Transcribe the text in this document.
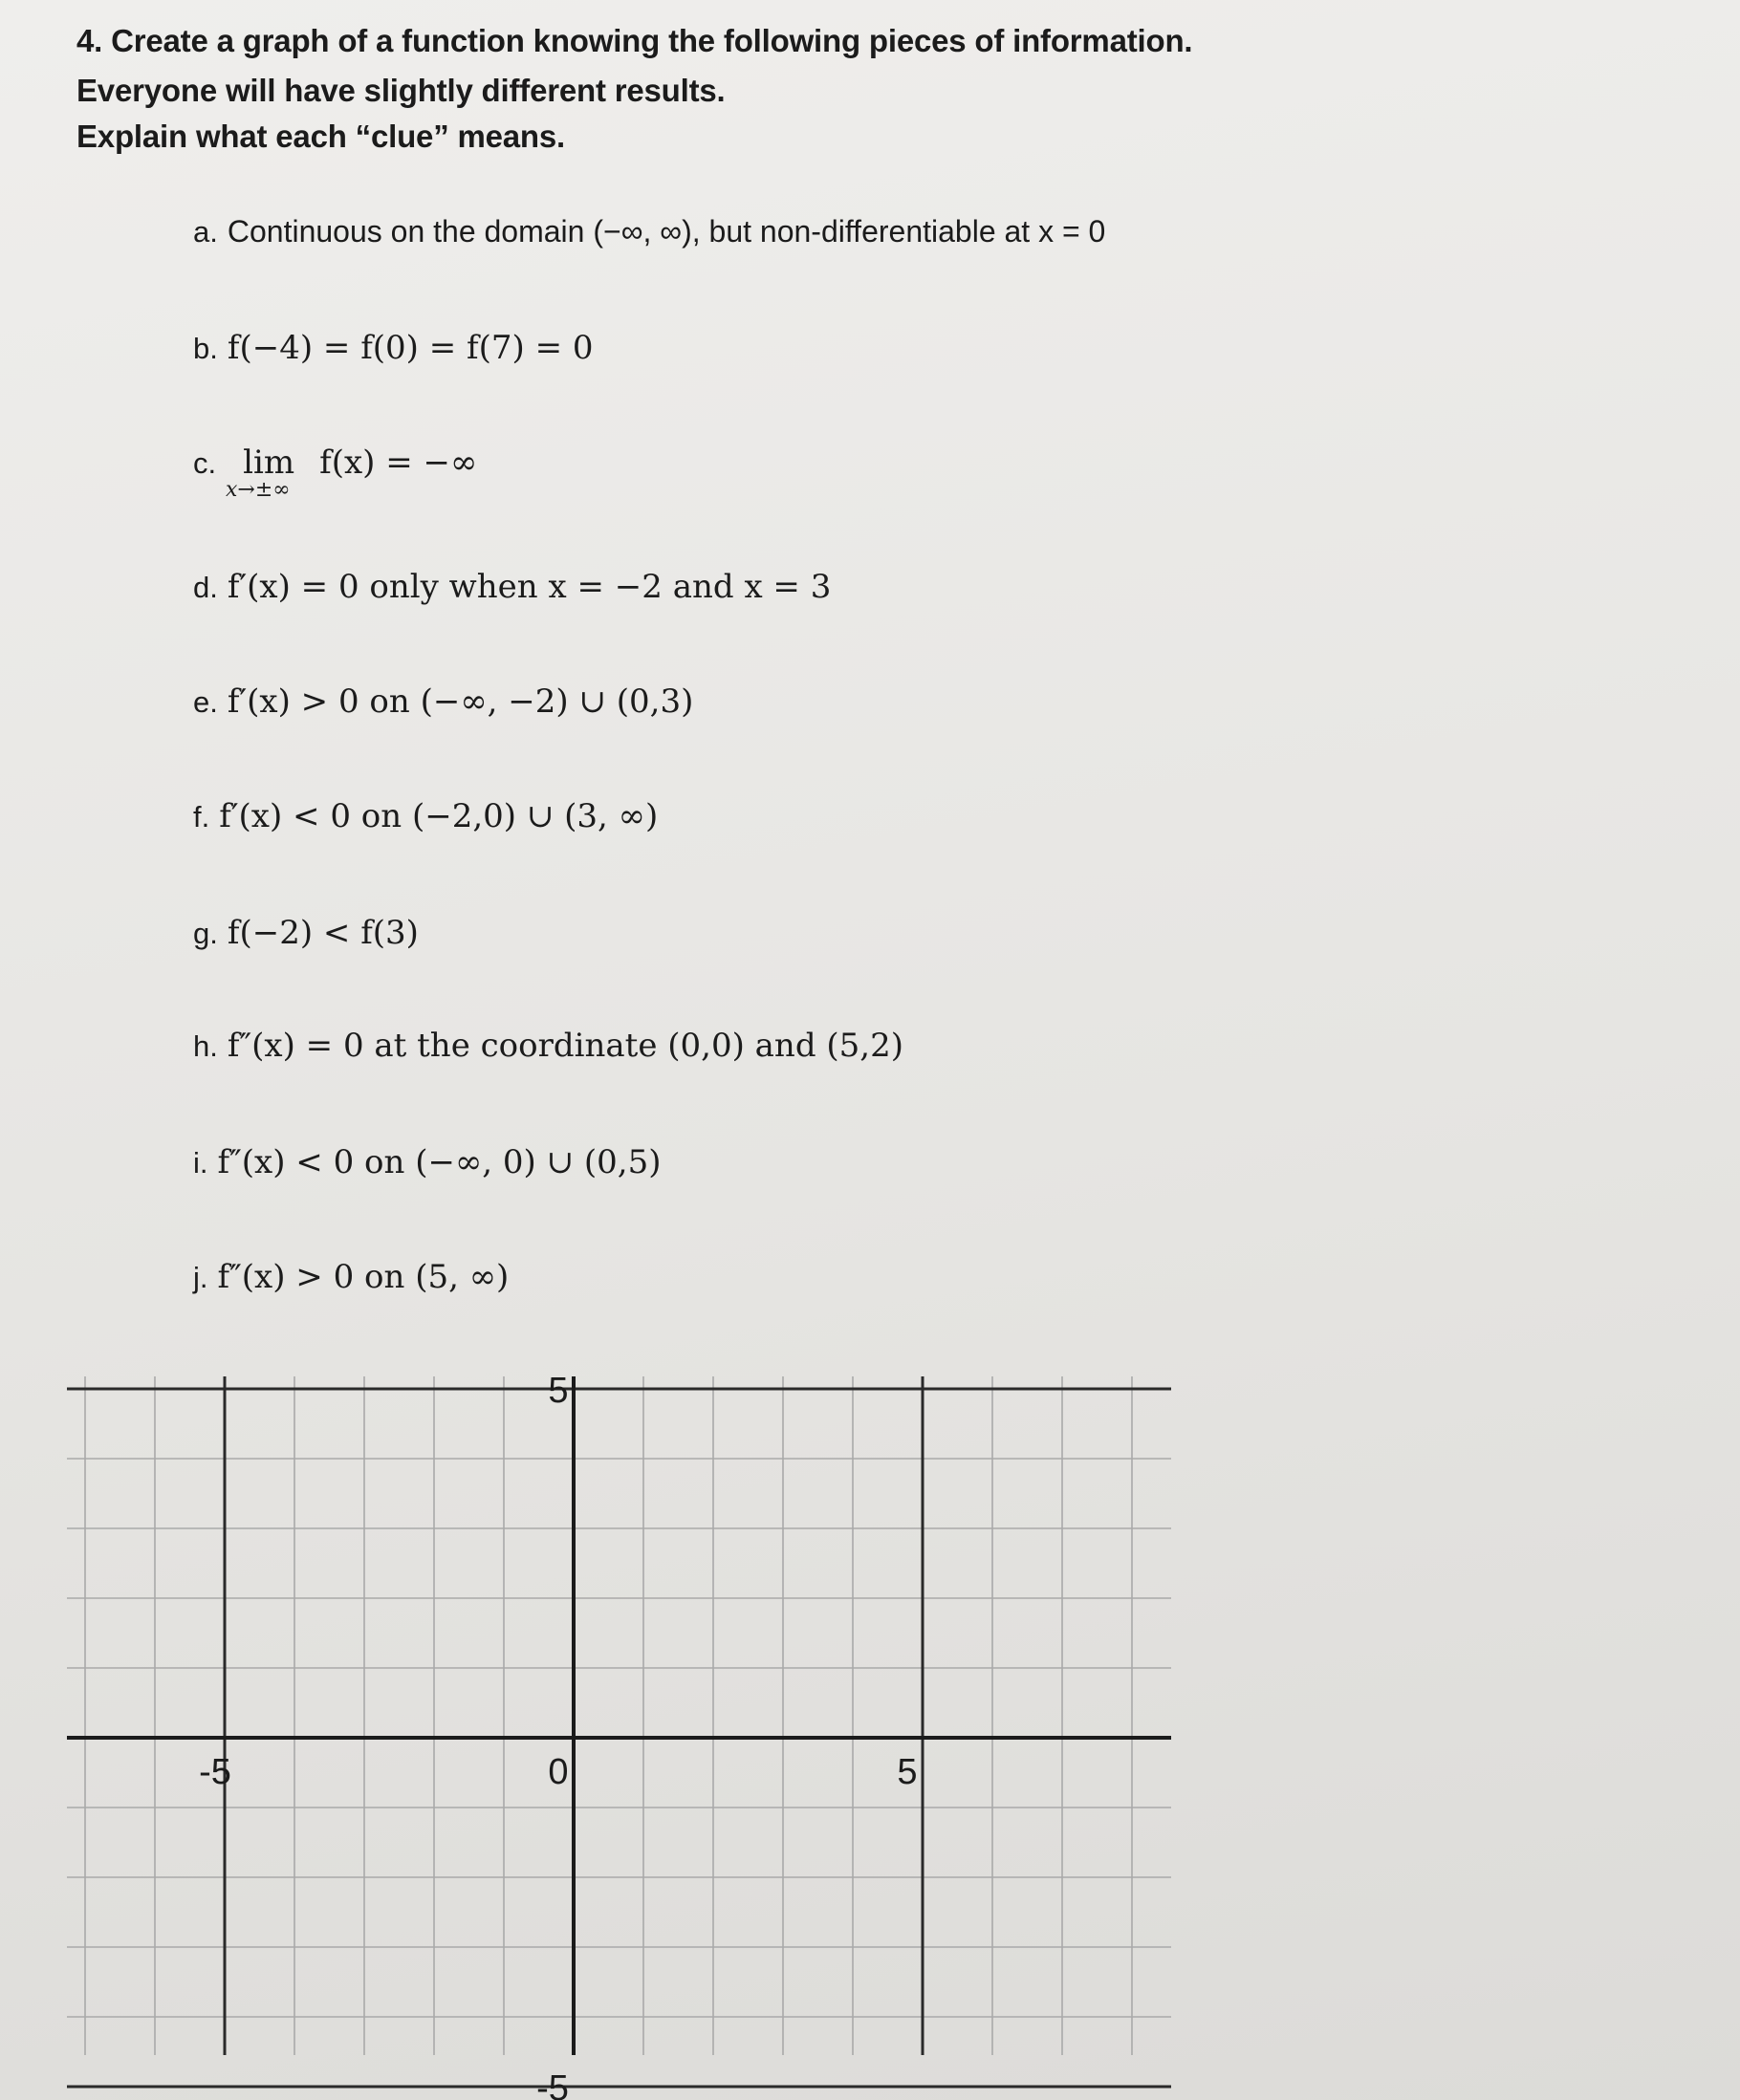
4. Create a graph of a function knowing the following pieces of information.
Everyone will have slightly different results.
Explain what each “clue” means.
a. Continuous on the domain (−∞, ∞), but non-differentiable at x = 0
b. f(−4) = f(0) = f(7) = 0
c. lim f(x) = −∞
x→±∞
d. f′(x) = 0 only when x = −2 and x = 3
e. f′(x) > 0 on (−∞, −2) ∪ (0,3)
f. f′(x) < 0 on (−2,0) ∪ (3, ∞)
g. f(−2) < f(3)
h. f″(x) = 0 at the coordinate (0,0) and (5,2)
i. f″(x) < 0 on (−∞, 0) ∪ (0,5)
j. f″(x) > 0 on (5, ∞)
-5	0	5
5
-5
